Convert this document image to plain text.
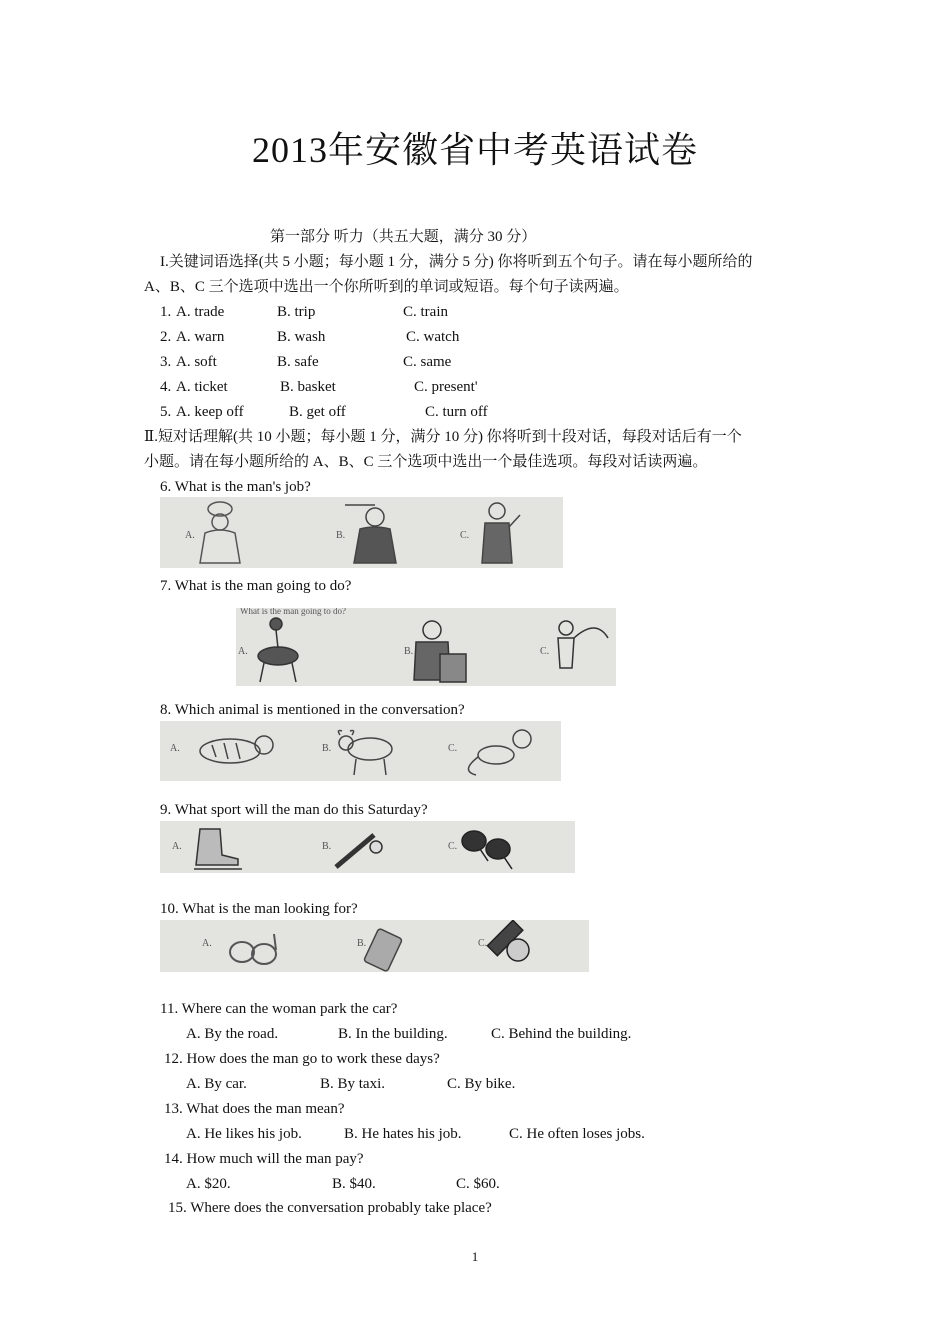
2013年安徽省中考英语试卷
第一部分 听力（共五大题，满分 30 分）
I.关键词语选择(共 5 小题；每小题 1 分，满分 5 分) 你将听到五个句子。请在每小题所给的
A、B、C 三个选项中选出一个你所听到的单词或短语。每个句子读两遍。
1. A. trade	B. trip	C. train
2. A. warn	B. wash	C. watch
3. A. soft	B. safe	C. same
4. A. ticket	B. basket	C. present'
5. A. keep off	B. get off	C. turn off
Ⅱ.短对话理解(共 10 小题；每小题 1 分，满分 10 分) 你将听到十段对话，每段对话后有一个
小题。请在每小题所给的 A、B、C 三个选项中选出一个最佳选项。每段对话读两遍。
6. What is the man's job?
A.	B.	C.
7. What is the man going to do?
What is the man going to do?
A.	B.	C.
8. Which animal is mentioned in the conversation?
A.	B.	C.
9. What sport will the man do this Saturday?
A.	B.	C.
10. What is the man looking for?
A.	B.	C.
11. Where can the woman park the car?
A. By the road.	B. In the building.	C. Behind the building.
12. How does the man go to work these days?
A. By car.	B. By taxi.	C. By bike.
13. What does the man mean?
A. He likes his job.	B. He hates his job.	C. He often loses jobs.
14. How much will the man pay?
A. $20.	B. $40.	C. $60.
15. Where does the conversation probably take place?
1
